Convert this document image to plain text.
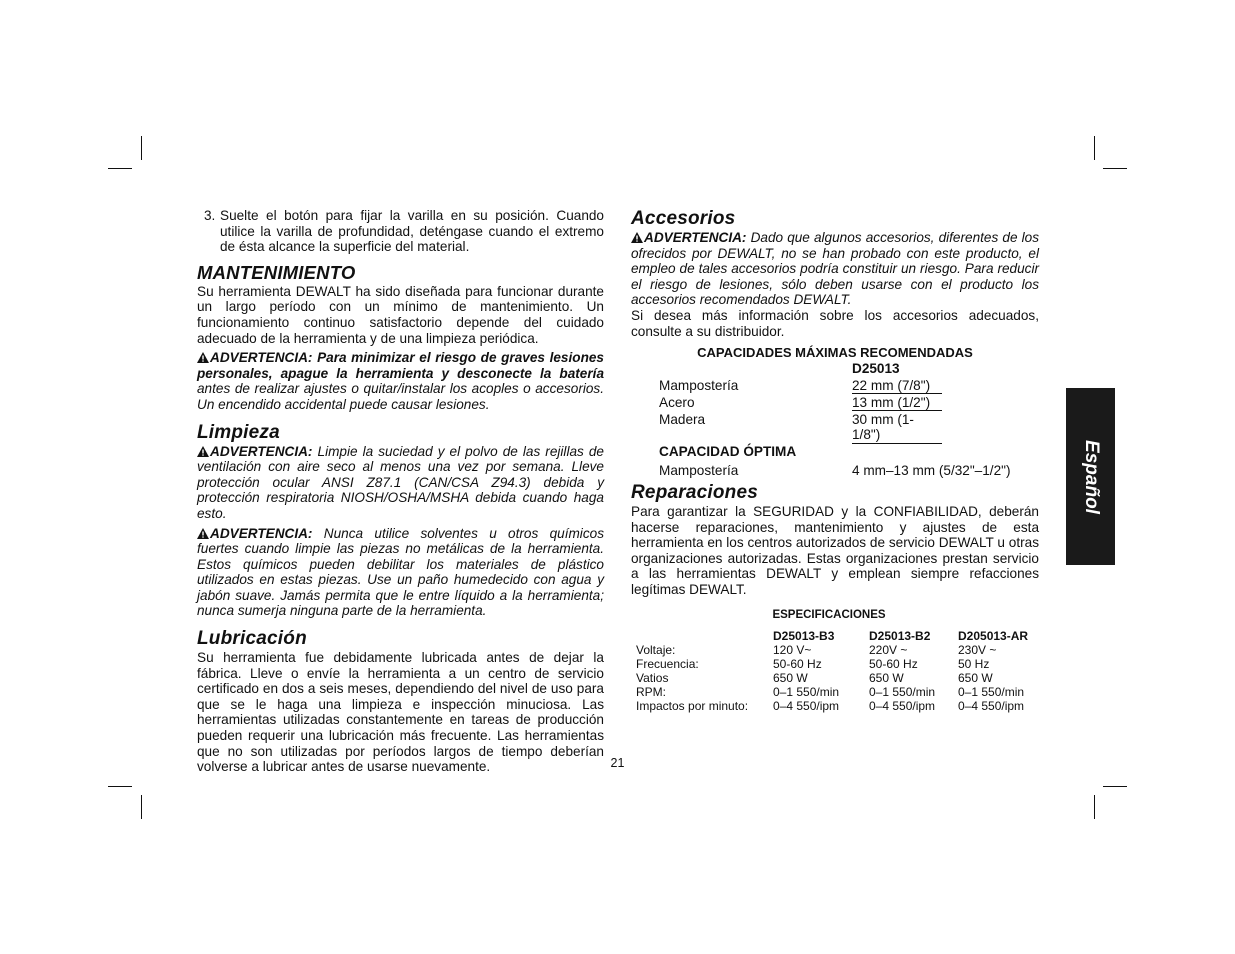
3. Suelte el botón para fijar la varilla en su posición. Cuando utilice la varilla de profundidad, deténgase cuando el extremo de ésta alcance la superficie del material.
MANTENIMIENTO

Su herramienta DEWALT ha sido diseñada para funcionar durante un largo período con un mínimo de mantenimiento. Un funcionamiento continuo satisfactorio depende del cuidado adecuado de la herramienta y de una limpieza periódica.

ADVERTENCIA: Para minimizar el riesgo de graves lesiones personales, apague la herramienta y desconecte la batería antes de realizar ajustes o quitar/instalar los acoples o accesorios. Un encendido accidental puede causar lesiones.

Limpieza

ADVERTENCIA: Limpie la suciedad y el polvo de las rejillas de ventilación con aire seco al menos una vez por semana. Lleve protección ocular ANSI Z87.1 (CAN/CSA Z94.3) debida y protección respiratoria NIOSH/OSHA/MSHA debida cuando haga esto.

ADVERTENCIA: Nunca utilice solventes u otros químicos fuertes cuando limpie las piezas no metálicas de la herramienta. Estos químicos pueden debilitar los materiales de plástico utilizados en estas piezas. Use un paño humedecido con agua y jabón suave. Jamás permita que le entre líquido a la herramienta; nunca sumerja ninguna parte de la herramienta.

Lubricación

Su herramienta fue debidamente lubricada antes de dejar la fábrica. Lleve o envíe la herramienta a un centro de servicio certificado en dos a seis meses, dependiendo del nivel de uso para que se le haga una limpieza e inspección minuciosa. Las herramientas utilizadas constantemente en tareas de producción pueden requerir una lubricación más frecuente. Las herramientas que no son utilizadas por períodos largos de tiempo deberían volverse a lubricar antes de usarse nuevamente.

Accesorios

ADVERTENCIA: Dado que algunos accesorios, diferentes de los ofrecidos por DEWALT, no se han probado con este producto, el empleo de tales accesorios podría constituir un riesgo. Para reducir el riesgo de lesiones, sólo deben usarse con el producto los accesorios recomendados DEWALT.

Si desea más información sobre los accesorios adecuados, consulte a su distribuidor.

CAPACIDADES MÁXIMAS RECOMENDADAS
	D25013
Mampostería	22 mm (7/8")
Acero	13 mm (1/2")
Madera	30 mm (1-1/8")
CAPACIDAD ÓPTIMA	
Mampostería	4 mm–13 mm (5/32"–1/2")
Reparaciones

Para garantizar la SEGURIDAD y la CONFIABILIDAD, deberán hacerse reparaciones, mantenimiento y ajustes de esta herramienta en los centros autorizados de servicio DEWALT u otras organizaciones autorizadas. Estas organizaciones prestan servicio a las herramientas DEWALT y emplean siempre refacciones legítimas DEWALT.

ESPECIFICACIONES
	D25013-B3	D25013-B2	D205013-AR
Voltaje:	120 V~	220V ~	230V ~
Frecuencia:	50-60 Hz	50-60 Hz	50 Hz
Vatios	650 W	650 W	650 W
RPM:	0–1 550/min	0–1 550/min	0–1 550/min
Impactos por minuto:	0–4 550/ipm	0–4 550/ipm	0–4 550/ipm
Español
21
